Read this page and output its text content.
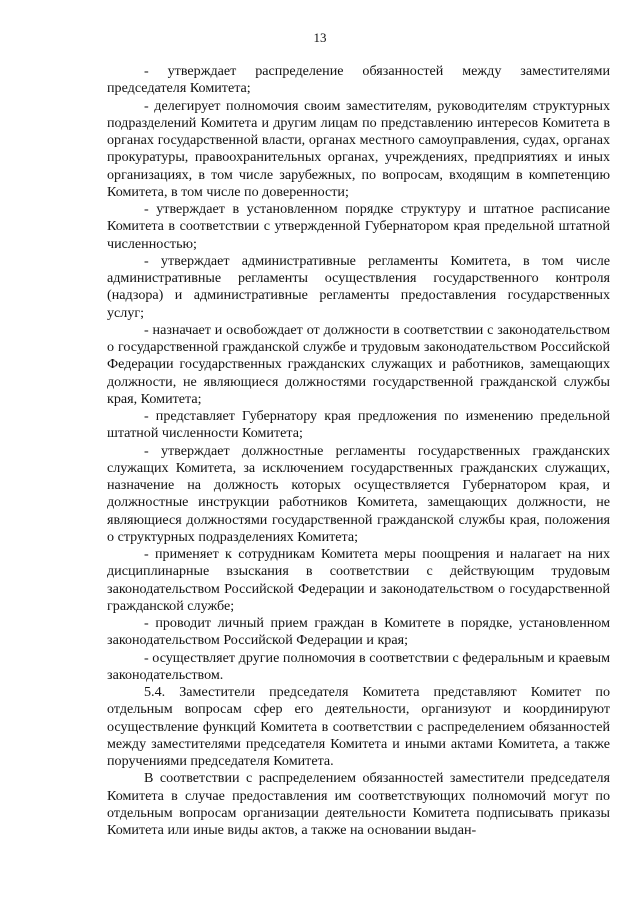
13

- утверждает распределение обязанностей между заместителями председателя Комитета;

- делегирует полномочия своим заместителям, руководителям структурных подразделений Комитета и другим лицам по представлению интересов Комитета в органах государственной власти, органах местного самоуправления, судах, органах прокуратуры, правоохранительных органах, учреждениях, предприятиях и иных организациях, в том числе зарубежных, по вопросам, входящим в компетенцию Комитета, в том числе по доверенности;

- утверждает в установленном порядке структуру и штатное расписание Комитета в соответствии с утвержденной Губернатором края предельной штатной численностью;

- утверждает административные регламенты Комитета, в том числе административные регламенты осуществления государственного контроля (надзора) и административные регламенты предоставления государственных услуг;

- назначает и освобождает от должности в соответствии с законодательством о государственной гражданской службе и трудовым законодательством Российской Федерации государственных гражданских служащих и работников, замещающих должности, не являющиеся должностями государственной гражданской службы края, Комитета;

- представляет Губернатору края предложения по изменению предельной штатной численности Комитета;

- утверждает должностные регламенты государственных гражданских служащих Комитета, за исключением государственных гражданских служащих, назначение на должность которых осуществляется Губернатором края, и должностные инструкции работников Комитета, замещающих должности, не являющиеся должностями государственной гражданской службы края, положения о структурных подразделениях Комитета;

- применяет к сотрудникам Комитета меры поощрения и налагает на них дисциплинарные взыскания в соответствии с действующим трудовым законодательством Российской Федерации и законодательством о государственной гражданской службе;

- проводит личный прием граждан в Комитете в порядке, установленном законодательством Российской Федерации и края;

- осуществляет другие полномочия в соответствии с федеральным и краевым законодательством.

5.4. Заместители председателя Комитета представляют Комитет по отдельным вопросам сфер его деятельности, организуют и координируют осуществление функций Комитета в соответствии с распределением обязанностей между заместителями председателя Комитета и иными актами Комитета, а также поручениями председателя Комитета.

В соответствии с распределением обязанностей заместители председателя Комитета в случае предоставления им соответствующих полномочий могут по отдельным вопросам организации деятельности Комитета подписывать приказы Комитета или иные виды актов, а также на основании выдан-
